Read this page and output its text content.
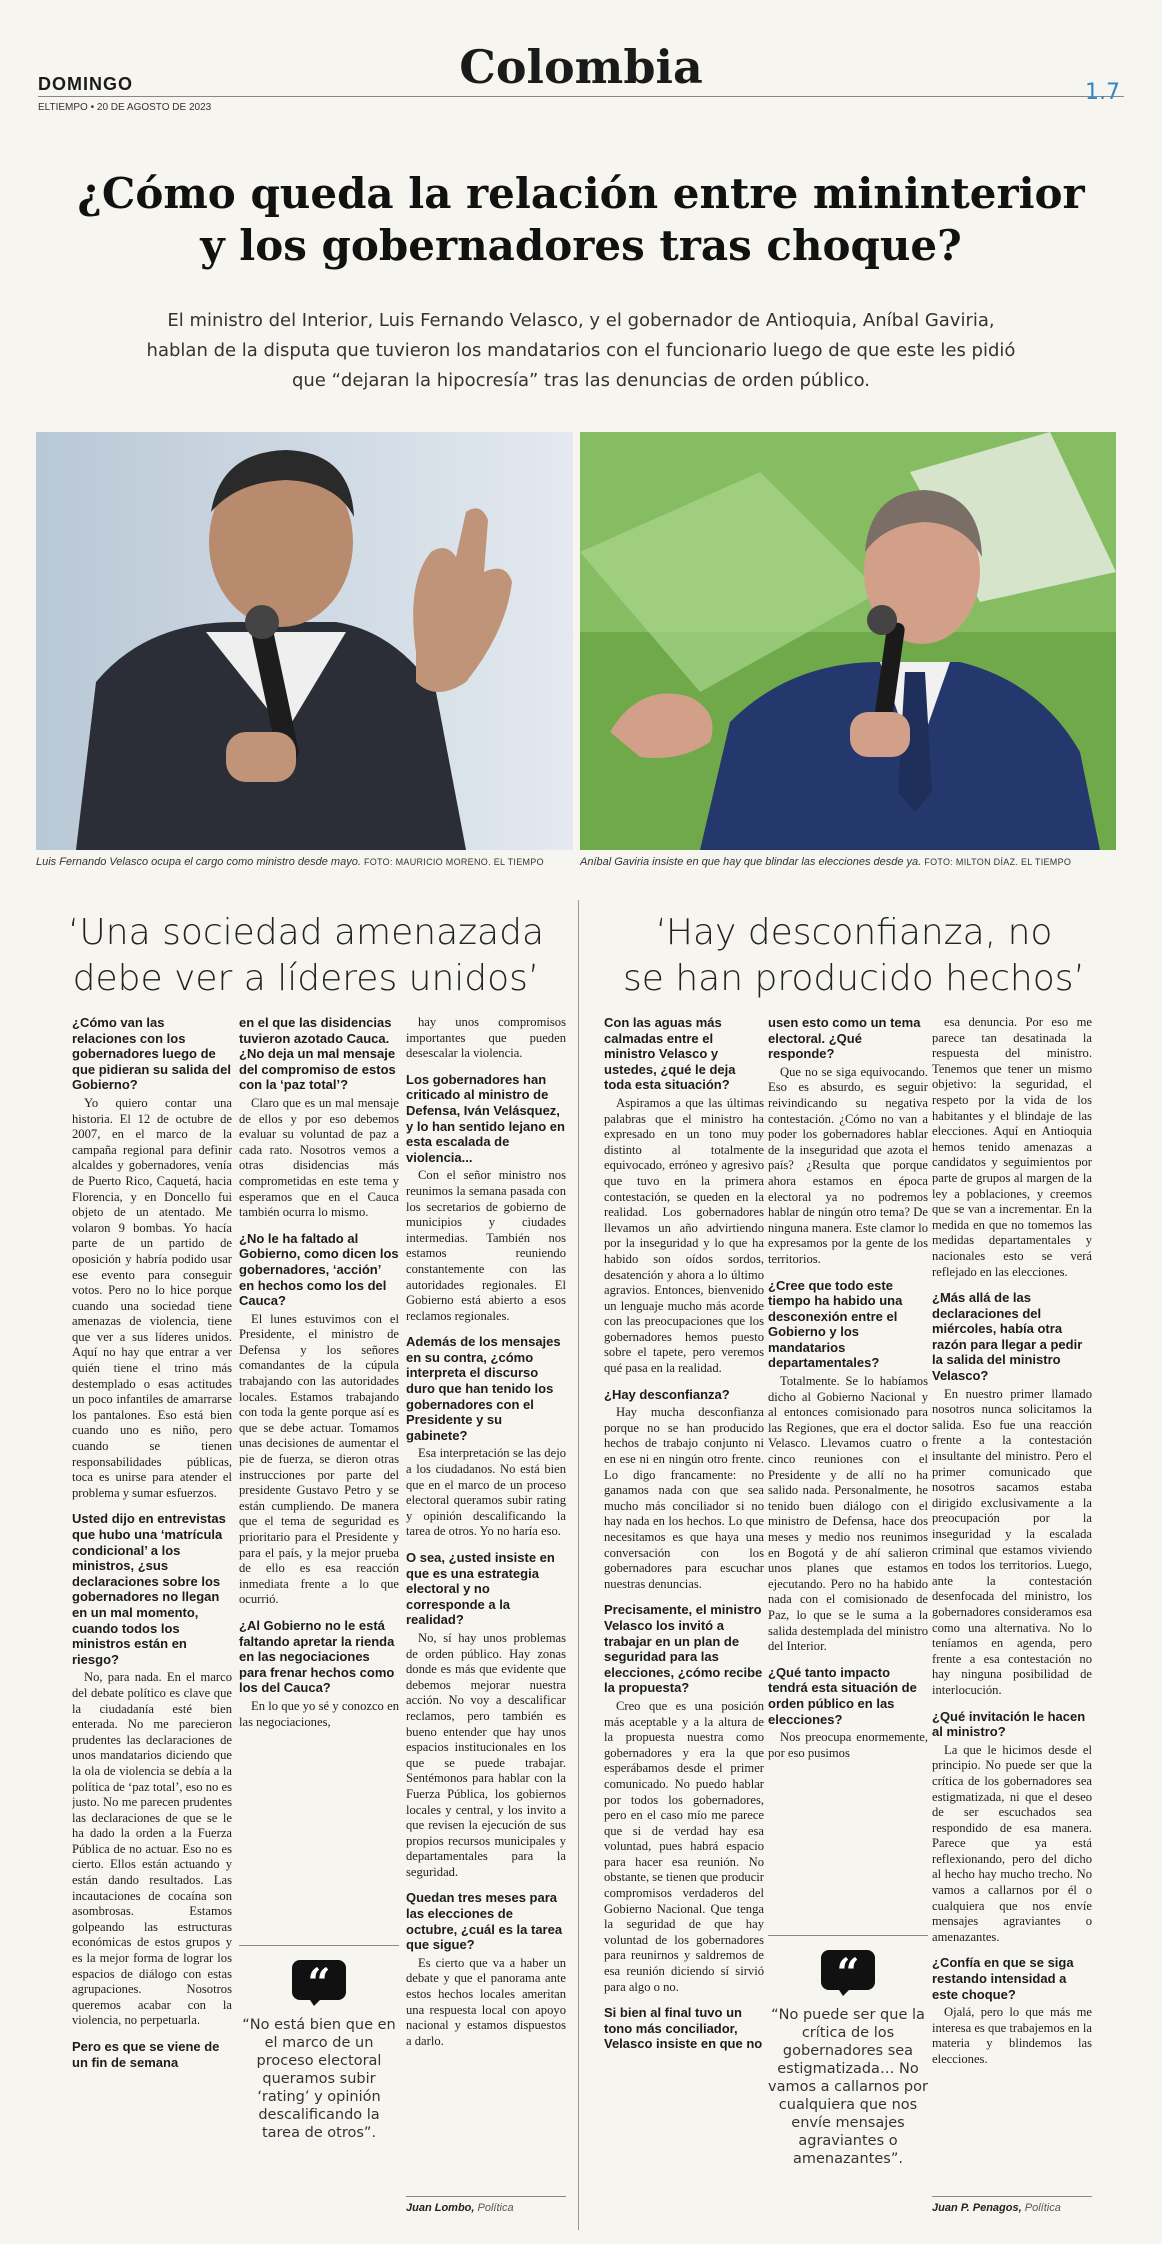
DOMINGO	Colombia
ELTIEMPO • 20 DE AGOSTO DE 2023
1.7
¿Cómo queda la relación entre mininterior
y los gobernadores tras choque?

El ministro del Interior, Luis Fernando Velasco, y el gobernador de Antioquia, Aníbal Gaviria, hablan de la disputa que tuvieron los mandatarios con el funcionario luego de que este les pidió que “dejaran la hipocresía” tras las denuncias de orden público.

Luis Fernando Velasco ocupa el cargo como ministro desde mayo. FOTO: MAURICIO MORENO. EL TIEMPO	Aníbal Gaviria insiste en que hay que blindar las elecciones desde ya. FOTO: MILTON DÍAZ. EL TIEMPO

‘Una sociedad amenazada
debe ver a líderes unidos’
‘Hay desconfianza, no
se han producido hechos’

¿Cómo van las relaciones con los gobernadores luego de que pidieran su salida del Gobierno?

Yo quiero contar una historia. El 12 de octubre de 2007, en el marco de la campaña regional para definir alcaldes y gobernadores, venía de Puerto Rico, Caquetá, hacia Florencia, y en Doncello fui objeto de un atentado. Me volaron 9 bombas. Yo hacía parte de un partido de oposición y habría podido usar ese evento para conseguir votos. Pero no lo hice porque cuando una sociedad tiene amenazas de violencia, tiene que ver a sus líderes unidos. Aquí no hay que entrar a ver quién tiene el trino más destemplado o esas actitudes un poco infantiles de amarrarse los pantalones. Eso está bien cuando uno es niño, pero cuando se tienen responsabilidades públicas, toca es unirse para atender el problema y sumar esfuerzos.

Usted dijo en entrevistas que hubo una ‘matrícula condicional’ a los ministros, ¿sus declaraciones sobre los gobernadores no llegan en un mal momento, cuando todos los ministros están en riesgo?

No, para nada. En el marco del debate político es clave que la ciudadanía esté bien enterada. No me parecieron prudentes las declaraciones de unos mandatarios diciendo que la ola de violencia se debía a la política de ‘paz total’, eso no es justo. No me parecen prudentes las declaraciones de que se le ha dado la orden a la Fuerza Pública de no actuar. Eso no es cierto. Ellos están actuando y están dando resultados. Las incautaciones de cocaína son asombrosas. Estamos golpeando las estructuras económicas de estos grupos y es la mejor forma de lograr los espacios de diálogo con estas agrupaciones. Nosotros queremos acabar con la violencia, no perpetuarla.

Pero es que se viene de un fin de semana

en el que las disidencias tuvieron azotado Cauca. ¿No deja un mal mensaje del compromiso de estos con la ‘paz total’?

Claro que es un mal mensaje de ellos y por eso debemos evaluar su voluntad de paz a cada rato. Nosotros vemos a otras disidencias más comprometidas en este tema y esperamos que en el Cauca también ocurra lo mismo.

¿No le ha faltado al Gobierno, como dicen los gobernadores, ‘acción’ en hechos como los del Cauca?

El lunes estuvimos con el Presidente, el ministro de Defensa y los señores comandantes de la cúpula trabajando con las autoridades locales. Estamos trabajando con toda la gente porque así es que se debe actuar. Tomamos unas decisiones de aumentar el pie de fuerza, se dieron otras instrucciones por parte del presidente Gustavo Petro y se están cumpliendo. De manera que el tema de seguridad es prioritario para el Presidente y para el país, y la mejor prueba de ello es esa reacción inmediata frente a lo que ocurrió.

¿Al Gobierno no le está faltando apretar la rienda en las negociaciones para frenar hechos como los del Cauca?

En lo que yo sé y conozco en las negociaciones,

hay unos compromisos importantes que pueden desescalar la violencia.

Los gobernadores han criticado al ministro de Defensa, Iván Velásquez, y lo han sentido lejano en esta escalada de violencia...

Con el señor ministro nos reunimos la semana pasada con los secretarios de gobierno de municipios y ciudades intermedias. También nos estamos reuniendo constantemente con las autoridades regionales. El Gobierno está abierto a esos reclamos regionales.

Además de los mensajes en su contra, ¿cómo interpreta el discurso duro que han tenido los gobernadores con el Presidente y su gabinete?

Esa interpretación se las dejo a los ciudadanos. No está bien que en el marco de un proceso electoral queramos subir rating y opinión descalificando la tarea de otros. Yo no haría eso.

O sea, ¿usted insiste en que es una estrategia electoral y no corresponde a la realidad?

No, sí hay unos problemas de orden público. Hay zonas donde es más que evidente que debemos mejorar nuestra acción. No voy a descalificar reclamos, pero también es bueno entender que hay unos espacios institucionales en los que se puede trabajar. Sentémonos para hablar con la Fuerza Pública, los gobiernos locales y central, y los invito a que revisen la ejecución de sus propios recursos municipales y departamentales para la seguridad.

Quedan tres meses para las elecciones de octubre, ¿cuál es la tarea que sigue?

Es cierto que va a haber un debate y que el panorama ante estos hechos locales ameritan una respuesta local con apoyo nacional y estamos dispuestos a darlo.

Con las aguas más calmadas entre el ministro Velasco y ustedes, ¿qué le deja toda esta situación?

Aspiramos a que las últimas palabras que el ministro ha expresado en un tono muy distinto al totalmente equivocado, erróneo y agresivo que tuvo en la primera contestación, se queden en la realidad. Los gobernadores llevamos un año advirtiendo por la inseguridad y lo que ha habido son oídos sordos, desatención y ahora a lo último agravios. Entonces, bienvenido un lenguaje mucho más acorde con las preocupaciones que los gobernadores hemos puesto sobre el tapete, pero veremos qué pasa en la realidad.

¿Hay desconfianza?

Hay mucha desconfianza porque no se han producido hechos de trabajo conjunto ni en ese ni en ningún otro frente. Lo digo francamente: no ganamos nada con que sea mucho más conciliador si no hay nada en los hechos. Lo que necesitamos es que haya una conversación con los gobernadores para escuchar nuestras denuncias.

Precisamente, el ministro Velasco los invitó a trabajar en un plan de seguridad para las elecciones, ¿cómo recibe la propuesta?

Creo que es una posición más aceptable y a la altura de la propuesta nuestra como gobernadores y era la que esperábamos desde el primer comunicado. No puedo hablar por todos los gobernadores, pero en el caso mío me parece que si de verdad hay esa voluntad, pues habrá espacio para hacer esa reunión. No obstante, se tienen que producir compromisos verdaderos del Gobierno Nacional. Que tenga la seguridad de que hay voluntad de los gobernadores para reunirnos y saldremos de esa reunión diciendo sí sirvió para algo o no.

Si bien al final tuvo un tono más conciliador, Velasco insiste en que no

usen esto como un tema electoral. ¿Qué responde?

Que no se siga equivocando. Eso es absurdo, es seguir reivindicando su negativa contestación. ¿Cómo no van a poder los gobernadores hablar de la inseguridad que azota el país? ¿Resulta que porque ahora estamos en época electoral ya no podremos hablar de ningún otro tema? De ninguna manera. Este clamor lo expresamos por la gente de los territorios.

¿Cree que todo este tiempo ha habido una desconexión entre el Gobierno y los mandatarios departamentales?

Totalmente. Se lo habíamos dicho al Gobierno Nacional y al entonces comisionado para las Regiones, que era el doctor Velasco. Llevamos cuatro o cinco reuniones con el Presidente y de allí no ha salido nada. Personalmente, he tenido buen diálogo con el ministro de Defensa, hace dos meses y medio nos reunimos en Bogotá y de ahí salieron unos planes que estamos ejecutando. Pero no ha habido nada con el comisionado de Paz, lo que se le suma a la salida destemplada del ministro del Interior.

¿Qué tanto impacto tendrá esta situación de orden público en las elecciones?

Nos preocupa enormemente, por eso pusimos

esa denuncia. Por eso me parece tan desatinada la respuesta del ministro. Tenemos que tener un mismo objetivo: la seguridad, el respeto por la vida de los habitantes y el blindaje de las elecciones. Aquí en Antioquia hemos tenido amenazas a candidatos y seguimientos por parte de grupos al margen de la ley a poblaciones, y creemos que se van a incrementar. En la medida en que no tomemos las medidas departamentales y nacionales esto se verá reflejado en las elecciones.

¿Más allá de las declaraciones del miércoles, había otra razón para llegar a pedir la salida del ministro Velasco?

En nuestro primer llamado nosotros nunca solicitamos la salida. Eso fue una reacción frente a la contestación insultante del ministro. Pero el primer comunicado que nosotros sacamos estaba dirigido exclusivamente a la preocupación por la inseguridad y la escalada criminal que estamos viviendo en todos los territorios. Luego, ante la contestación desenfocada del ministro, los gobernadores consideramos esa como una alternativa. No lo teníamos en agenda, pero frente a esa contestación no hay ninguna posibilidad de interlocución.

¿Qué invitación le hacen al ministro?

La que le hicimos desde el principio. No puede ser que la crítica de los gobernadores sea estigmatizada, ni que el deseo de ser escuchados sea respondido de esa manera. Parece que ya está reflexionando, pero del dicho al hecho hay mucho trecho. No vamos a callarnos por él o cualquiera que nos envíe mensajes agraviantes o amenazantes.

¿Confía en que se siga restando intensidad a este choque?

Ojalá, pero lo que más me interesa es que trabajemos en la materia y blindemos las elecciones.

“

“No está bien que en el marco de un proceso electoral queramos subir ‘rating’ y opinión descalificando la tarea de otros”.

“

“No puede ser que la crítica de los gobernadores sea estigmatizada… No vamos a callarnos por cualquiera que nos envíe mensajes agraviantes o amenazantes”.

Juan Lombo, Política	Juan P. Penagos, Política
